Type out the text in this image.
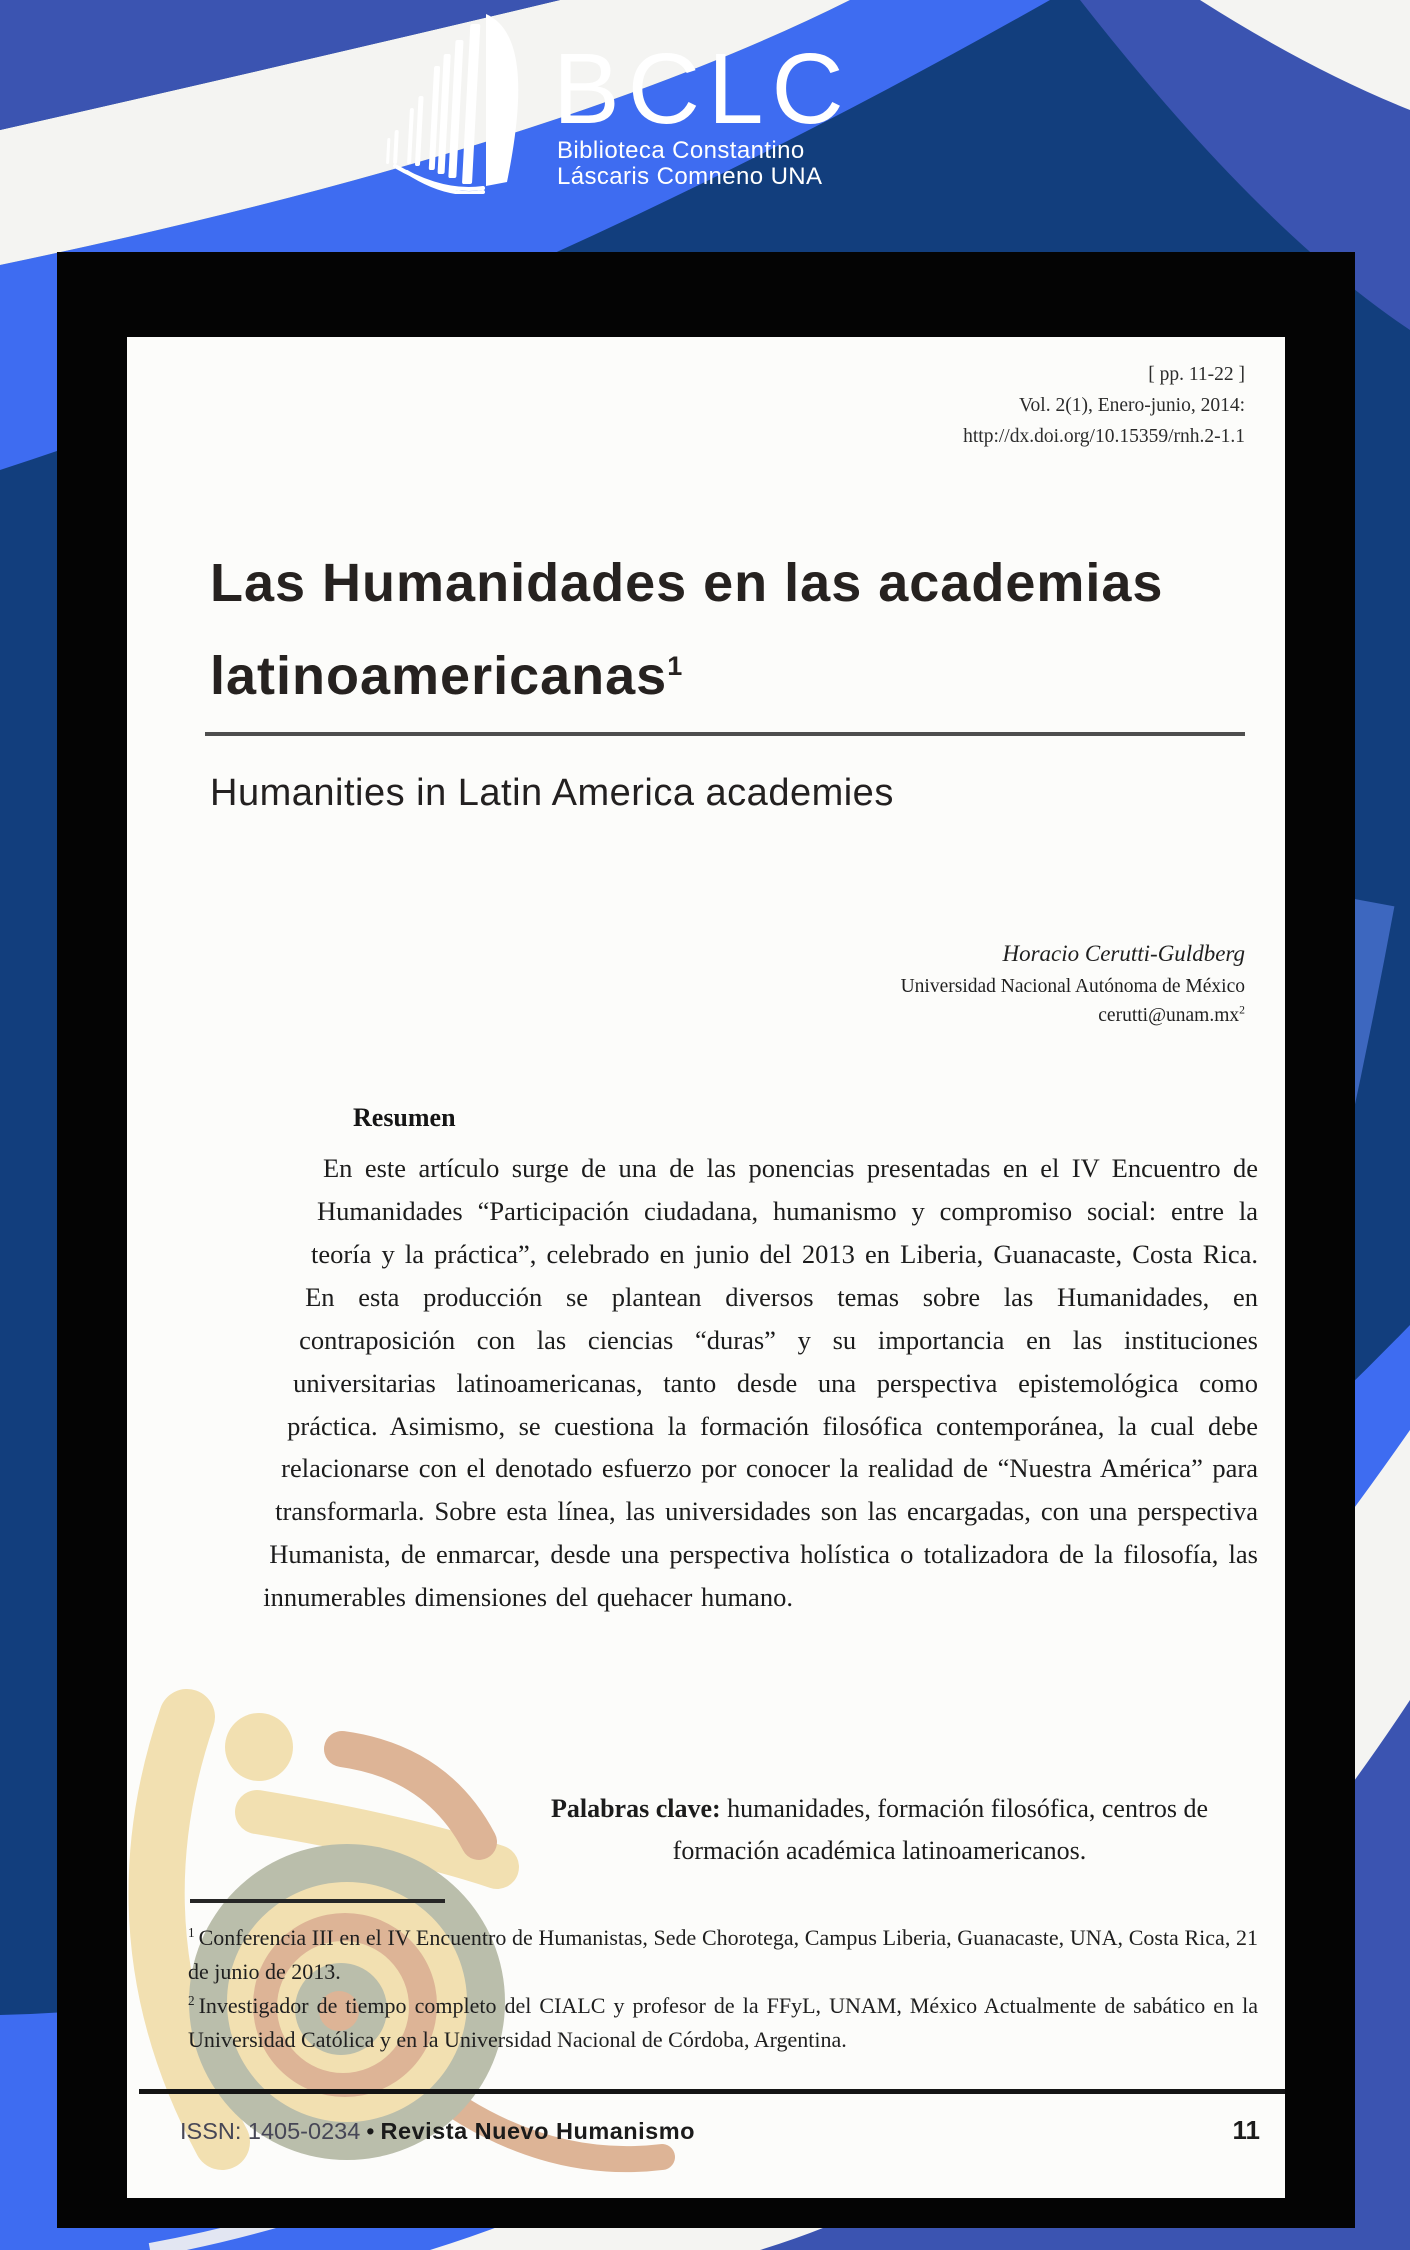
BCLC
Biblioteca Constantino
Láscaris Comneno UNA
[ pp. 11-22 ]
Vol. 2(1), Enero-junio, 2014:
http://dx.doi.org/10.15359/rnh.2-1.1
Las Humanidades en las academias latinoamericanas$^1$
Humanities in Latin America academies
Horacio Cerutti-Guldberg
Universidad Nacional Autónoma de México
$cerutti@unam.mx^2$
Resumen

En este artículo surge de una de las ponencias presentadas en el IV Encuentro de Humanidades “Participación ciudadana, humanismo y compromiso social: entre la teoría y la práctica”, celebrado en junio del 2013 en Liberia, Guanacaste, Costa Rica. En esta producción se plantean diversos temas sobre las Humanidades, en contraposición con las ciencias “duras” y su importancia en las instituciones universitarias latinoamericanas, tanto desde una perspectiva epistemológica como práctica. Asimismo, se cuestiona la formación filosófica contemporánea, la cual debe relacionarse con el denotado esfuerzo por conocer la realidad de “Nuestra América” para transformarla. Sobre esta línea, las universidades son las encargadas, con una perspectiva Humanista, de enmarcar, desde una perspectiva holística o totalizadora de la filosofía, las innumerables dimensiones del quehacer humano.

Palabras clave: humanidades, formación filosófica, centros de formación académica latinoamericanos.

$^1$ Conferencia III en el IV Encuentro de Humanistas, Sede Chorotega, Campus Liberia, Guanacaste, UNA, Costa Rica, 21 de junio de 2013.

$^2$ Investigador de tiempo completo del CIALC y profesor de la FFyL, UNAM, México Actualmente de sabático en la Universidad Católica y en la Universidad Nacional de Córdoba, Argentina.

ISSN: 1405-0234 • Revista Nuevo Humanismo	11
